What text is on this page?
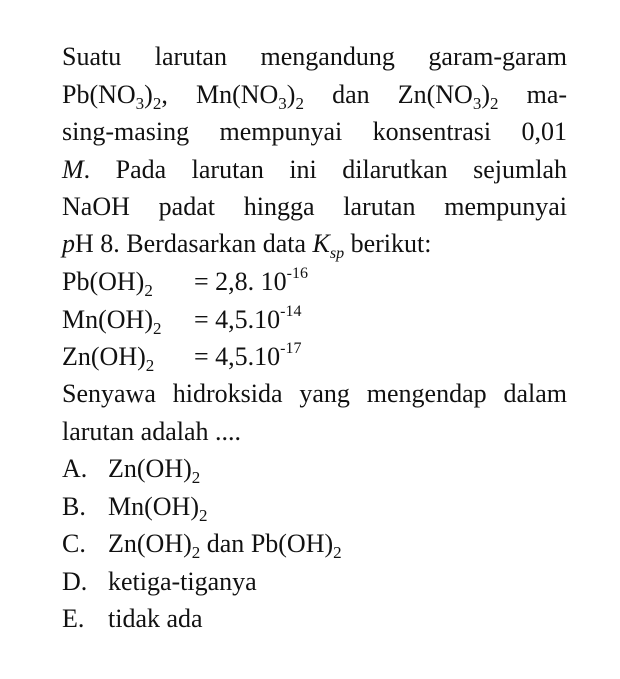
Suatu larutan mengandung garam-garam
$Pb(NO_3)_2$, $Mn(NO_3)_2$ dan $Zn(NO_3)_2$ ma-
sing-masing mempunyai konsentrasi 0,01
M. Pada larutan ini dilarutkan sejumlah
NaOH padat hingga larutan mempunyai
pH 8. Berdasarkan data $K_{sp}$ berikut:
$Pb(OH)_2 = 2,8$. $10^{-16}$
$Mn(OH)_2 = 4,5.10^{-14}$
$Zn(OH)_2 = 4,5.10^{-17}$
Senyawa hidroksida yang mengendap dalam
larutan adalah ....
A. $Zn(OH)_2$
B. $Mn(OH)_2$
C. $Zn(OH)_2$ dan $Pb(OH)_2$
D. ketiga-tiganya
E. tidak ada
